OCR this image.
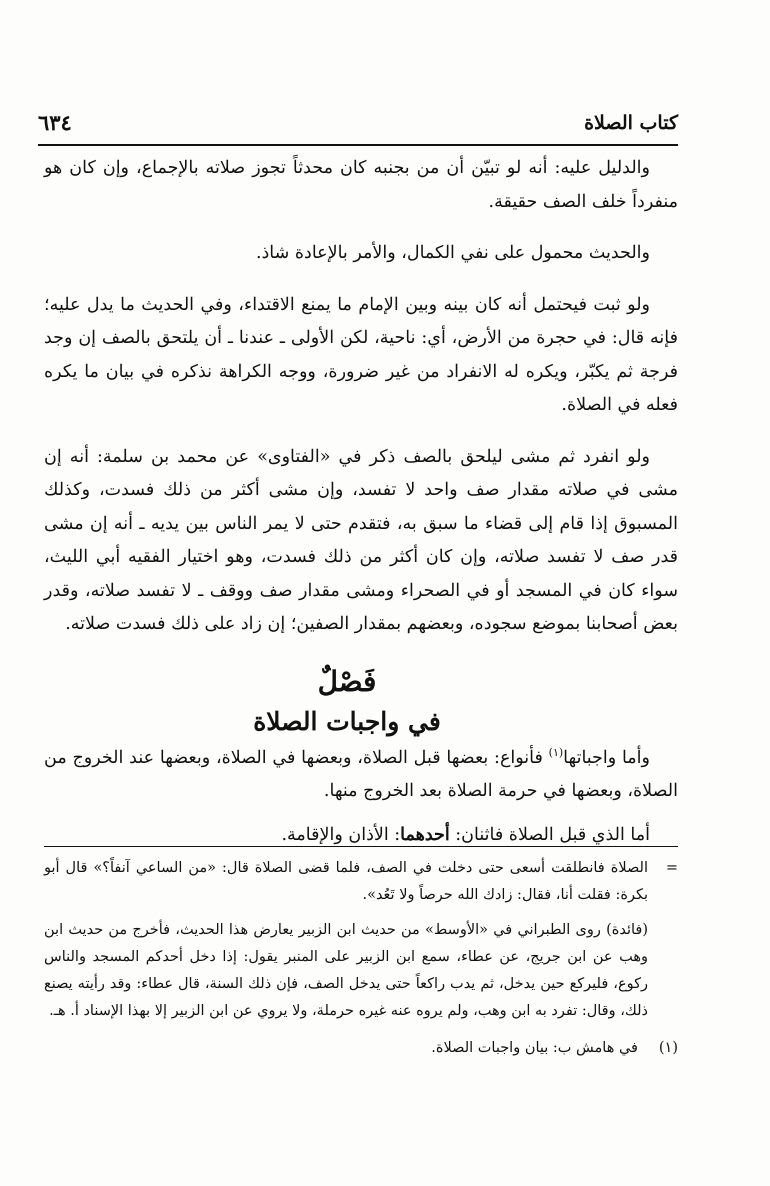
كتاب الصلاة
٦٣٤

والدليل عليه: أنه لو تبيّن أن من بجنبه كان محدثاً تجوز صلاته بالإجماع، وإن كان هو منفرداً خلف الصف حقيقة.

والحديث محمول على نفي الكمال، والأمر بالإعادة شاذ.

ولو ثبت فيحتمل أنه كان بينه وبين الإمام ما يمنع الاقتداء، وفي الحديث ما يدل عليه؛ فإنه قال: في حجرة من الأرض، أي: ناحية، لكن الأولى ـ عندنا ـ أن يلتحق بالصف إن وجد فرجة ثم يكبّر، ويكره له الانفراد من غير ضرورة، ووجه الكراهة نذكره في بيان ما يكره فعله في الصلاة.

ولو انفرد ثم مشى ليلحق بالصف ذكر في «الفتاوى» عن محمد بن سلمة: أنه إن مشى في صلاته مقدار صف واحد لا تفسد، وإن مشى أكثر من ذلك فسدت، وكذلك المسبوق إذا قام إلى قضاء ما سبق به، فتقدم حتى لا يمر الناس بين يديه ـ أنه إن مشى قدر صف لا تفسد صلاته، وإن كان أكثر من ذلك فسدت، وهو اختيار الفقيه أبي الليث، سواء كان في المسجد أو في الصحراء ومشى مقدار صف ووقف ـ لا تفسد صلاته، وقدر بعض أصحابنا بموضع سجوده، وبعضهم بمقدار الصفين؛ إن زاد على ذلك فسدت صلاته.

فَصْلٌ

في واجبات الصلاة

وأما واجباتها$^{(١)}$ فأنواع: بعضها قبل الصلاة، وبعضها في الصلاة، وبعضها عند الخروج من الصلاة، وبعضها في حرمة الصلاة بعد الخروج منها.

أما الذي قبل الصلاة فاثنان: أحدهما: الأذان والإقامة.

=
الصلاة فانطلقت أسعى حتى دخلت في الصف، فلما قضى الصلاة قال: «من الساعي آنفاً؟» قال أبو بكرة: فقلت أنا، فقال: زادك الله حرصاً ولا تَعُد».

(فائدة) روى الطبراني في «الأوسط» من حديث ابن الزبير يعارض هذا الحديث، فأخرج من حديث ابن وهب عن ابن جريج، عن عطاء، سمع ابن الزبير على المنبر يقول: إذا دخل أحدكم المسجد والناس ركوع، فليركع حين يدخل، ثم يدب راكعاً حتى يدخل الصف، فإن ذلك السنة، قال عطاء: وقد رأيته يصنع ذلك، وقال: تفرد به ابن وهب، ولم يروه عنه غيره حرملة، ولا يروي عن ابن الزبير إلا بهذا الإسناد أ. هـ.

(١)
في هامش ب: بيان واجبات الصلاة.
